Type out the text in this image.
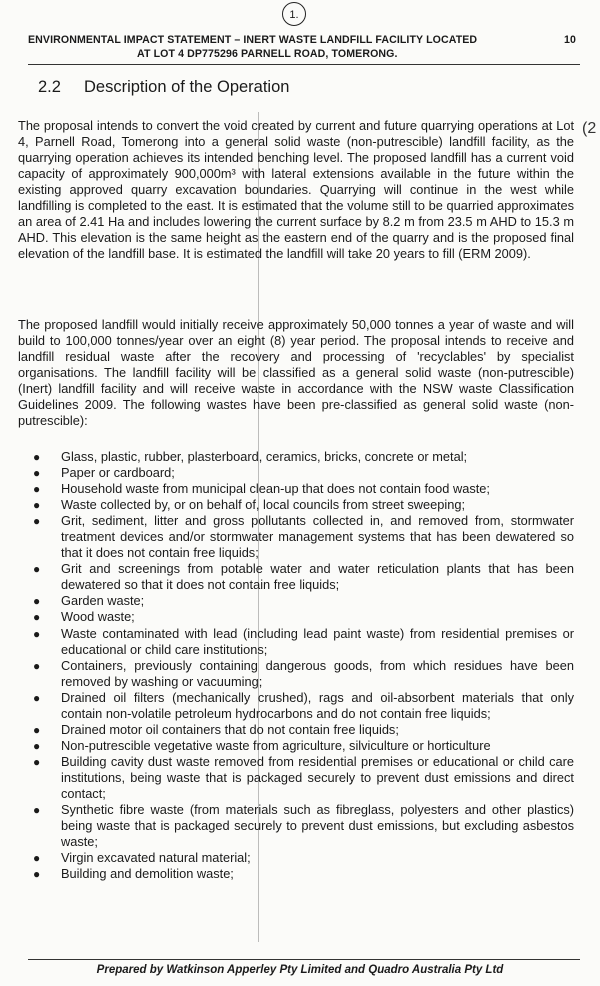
1.
ENVIRONMENTAL IMPACT STATEMENT – INERT WASTE LANDFILL FACILITY LOCATED
AT LOT 4 DP775296 PARNELL ROAD, TOMERONG.
10
2.2 Description of the Operation
(2

The proposal intends to convert the void created by current and future quarrying operations at Lot 4, Parnell Road, Tomerong into a general solid waste (non-putrescible) landfill facility, as the quarrying operation achieves its intended benching level. The proposed landfill has a current void capacity of approximately 900,000m³ with lateral extensions available in the future within the existing approved quarry excavation boundaries. Quarrying will continue in the west while landfilling is completed to the east. It is estimated that the volume still to be quarried approximates an area of 2.41 Ha and includes lowering the current surface by 8.2 m from 23.5 m AHD to 15.3 m AHD. This elevation is the same height as the eastern end of the quarry and is the proposed final elevation of the landfill base. It is estimated the landfill will take 20 years to fill (ERM 2009).

The proposed landfill would initially receive approximately 50,000 tonnes a year of waste and will build to 100,000 tonnes/year over an eight (8) year period. The proposal intends to receive and landfill residual waste after the recovery and processing of 'recyclables' by specialist organisations. The landfill facility will be classified as a general solid waste (non-putrescible) (Inert) landfill facility and will receive waste in accordance with the NSW waste Classification Guidelines 2009. The following wastes have been pre-classified as general solid waste (non-putrescible):

● Glass, plastic, rubber, plasterboard, ceramics, bricks, concrete or metal;
● Paper or cardboard;
● Household waste from municipal clean-up that does not contain food waste;
● Waste collected by, or on behalf of, local councils from street sweeping;
● Grit, sediment, litter and gross pollutants collected in, and removed from, stormwater treatment devices and/or stormwater management systems that has been dewatered so that it does not contain free liquids;
● Grit and screenings from potable water and water reticulation plants that has been dewatered so that it does not contain free liquids;
● Garden waste;
● Wood waste;
● Waste contaminated with lead (including lead paint waste) from residential premises or educational or child care institutions;
● Containers, previously containing dangerous goods, from which residues have been removed by washing or vacuuming;
● Drained oil filters (mechanically crushed), rags and oil-absorbent materials that only contain non-volatile petroleum hydrocarbons and do not contain free liquids;
● Drained motor oil containers that do not contain free liquids;
● Non-putrescible vegetative waste from agriculture, silviculture or horticulture
● Building cavity dust waste removed from residential premises or educational or child care institutions, being waste that is packaged securely to prevent dust emissions and direct contact;
● Synthetic fibre waste (from materials such as fibreglass, polyesters and other plastics) being waste that is packaged securely to prevent dust emissions, but excluding asbestos waste;
● Virgin excavated natural material;
● Building and demolition waste;
Prepared by Watkinson Apperley Pty Limited and Quadro Australia Pty Ltd
